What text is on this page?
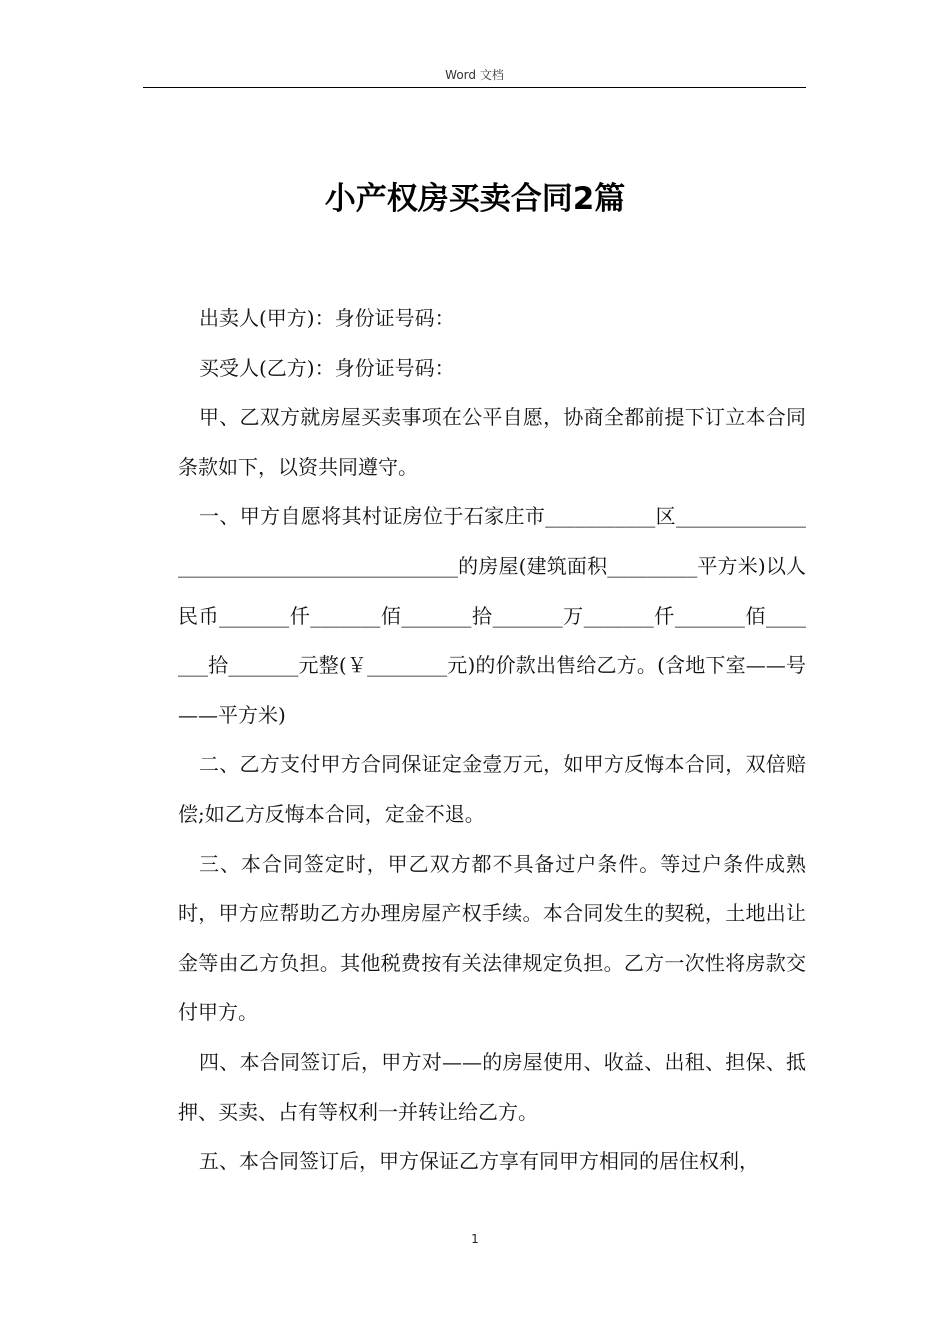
Word 文档
小产权房买卖合同2篇

出卖人(甲方)：身份证号码：

买受人(乙方)：身份证号码：

甲、乙双方就房屋买卖事项在公平自愿，协商全都前提下订立本合同条款如下，以资共同遵守。

一、甲方自愿将其村证房位于石家庄市___________区_________________________________________的房屋(建筑面积_________平方米)以人民币_______仟_______佰_______拾_______万_______仟_______佰_______拾_______元整(￥________元)的价款出售给乙方。(含地下室——号——平方米)

二、乙方支付甲方合同保证定金壹万元，如甲方反悔本合同，双倍赔偿;如乙方反悔本合同，定金不退。

三、本合同签定时，甲乙双方都不具备过户条件。等过户条件成熟时，甲方应帮助乙方办理房屋产权手续。本合同发生的契税，土地出让金等由乙方负担。其他税费按有关法律规定负担。乙方一次性将房款交付甲方。

四、本合同签订后，甲方对——的房屋使用、收益、出租、担保、抵押、买卖、占有等权利一并转让给乙方。

五、本合同签订后，甲方保证乙方享有同甲方相同的居住权利，

1
